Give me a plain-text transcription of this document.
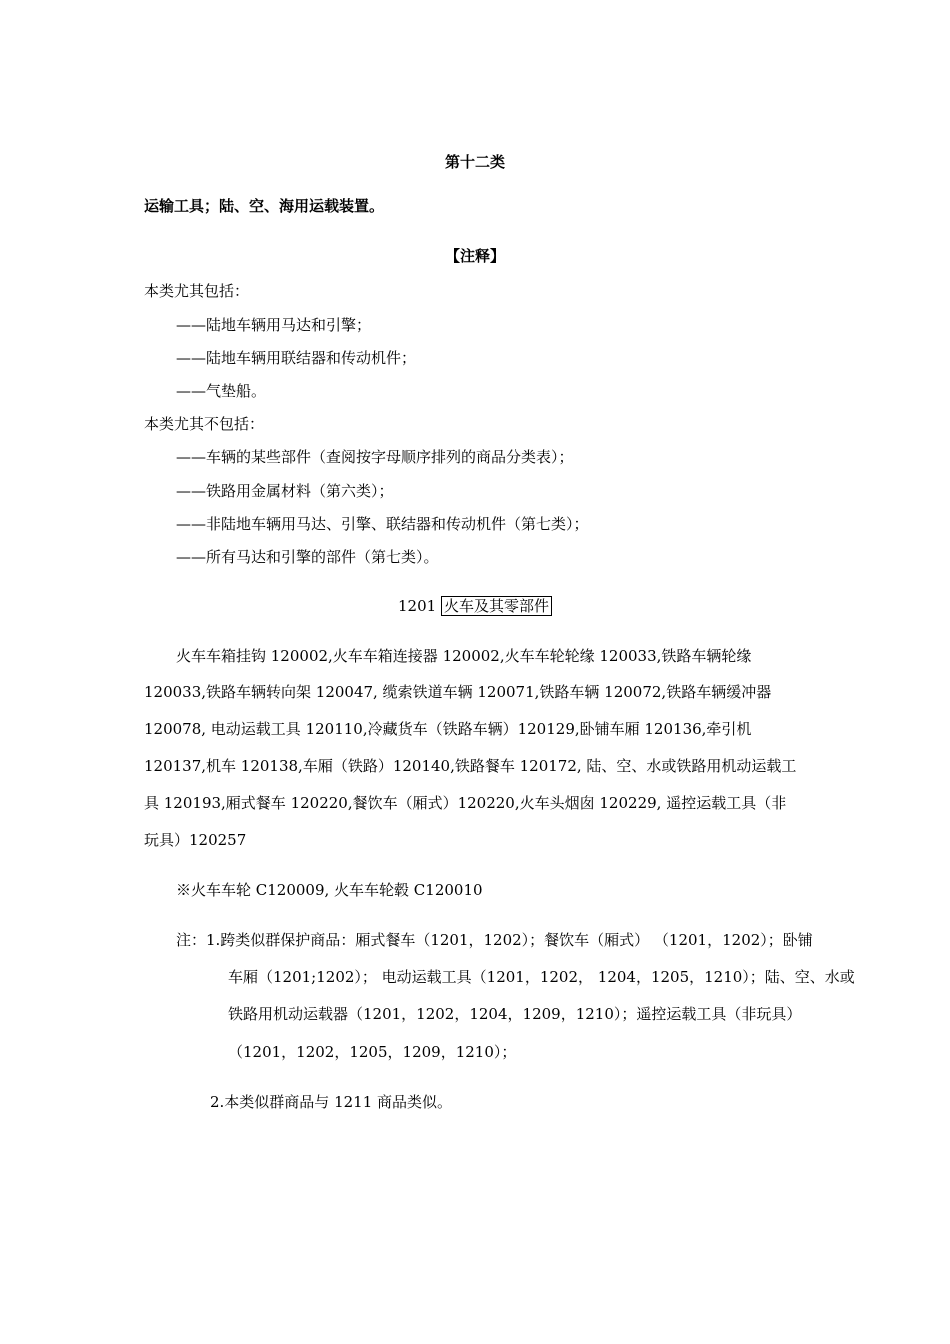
第十二类
运输工具；陆、空、海用运载装置。
【注释】
本类尤其包括：
——陆地车辆用马达和引擎；
——陆地车辆用联结器和传动机件；
——气垫船。
本类尤其不包括：
——车辆的某些部件（查阅按字母顺序排列的商品分类表）；
——铁路用金属材料（第六类）；
——非陆地车辆用马达、引擎、联结器和传动机件（第七类）；
——所有马达和引擎的部件（第七类）。
1201 火车及其零部件
火车车箱挂钩 120002,火车车箱连接器 120002,火车车轮轮缘 120033,铁路车辆轮缘
120033,铁路车辆转向架 120047, 缆索铁道车辆 120071,铁路车辆 120072,铁路车辆缓冲器
120078, 电动运载工具 120110,冷藏货车（铁路车辆）120129,卧铺车厢 120136,牵引机
120137,机车 120138,车厢（铁路）120140,铁路餐车 120172, 陆、空、水或铁路用机动运载工
具 120193,厢式餐车 120220,餐饮车（厢式）120220,火车头烟囱 120229, 遥控运载工具（非
玩具）120257
※火车车轮 C120009, 火车车轮毂 C120010
注：1.跨类似群保护商品：厢式餐车（1201，1202）；餐饮车（厢式） （1201，1202）；卧铺
车厢（1201;1202）； 电动运载工具（1201，1202， 1204，1205，1210）；陆、空、水或
铁路用机动运载器（1201，1202，1204，1209，1210）；遥控运载工具（非玩具）
（1201，1202，1205，1209，1210）；
2.本类似群商品与 1211 商品类似。
